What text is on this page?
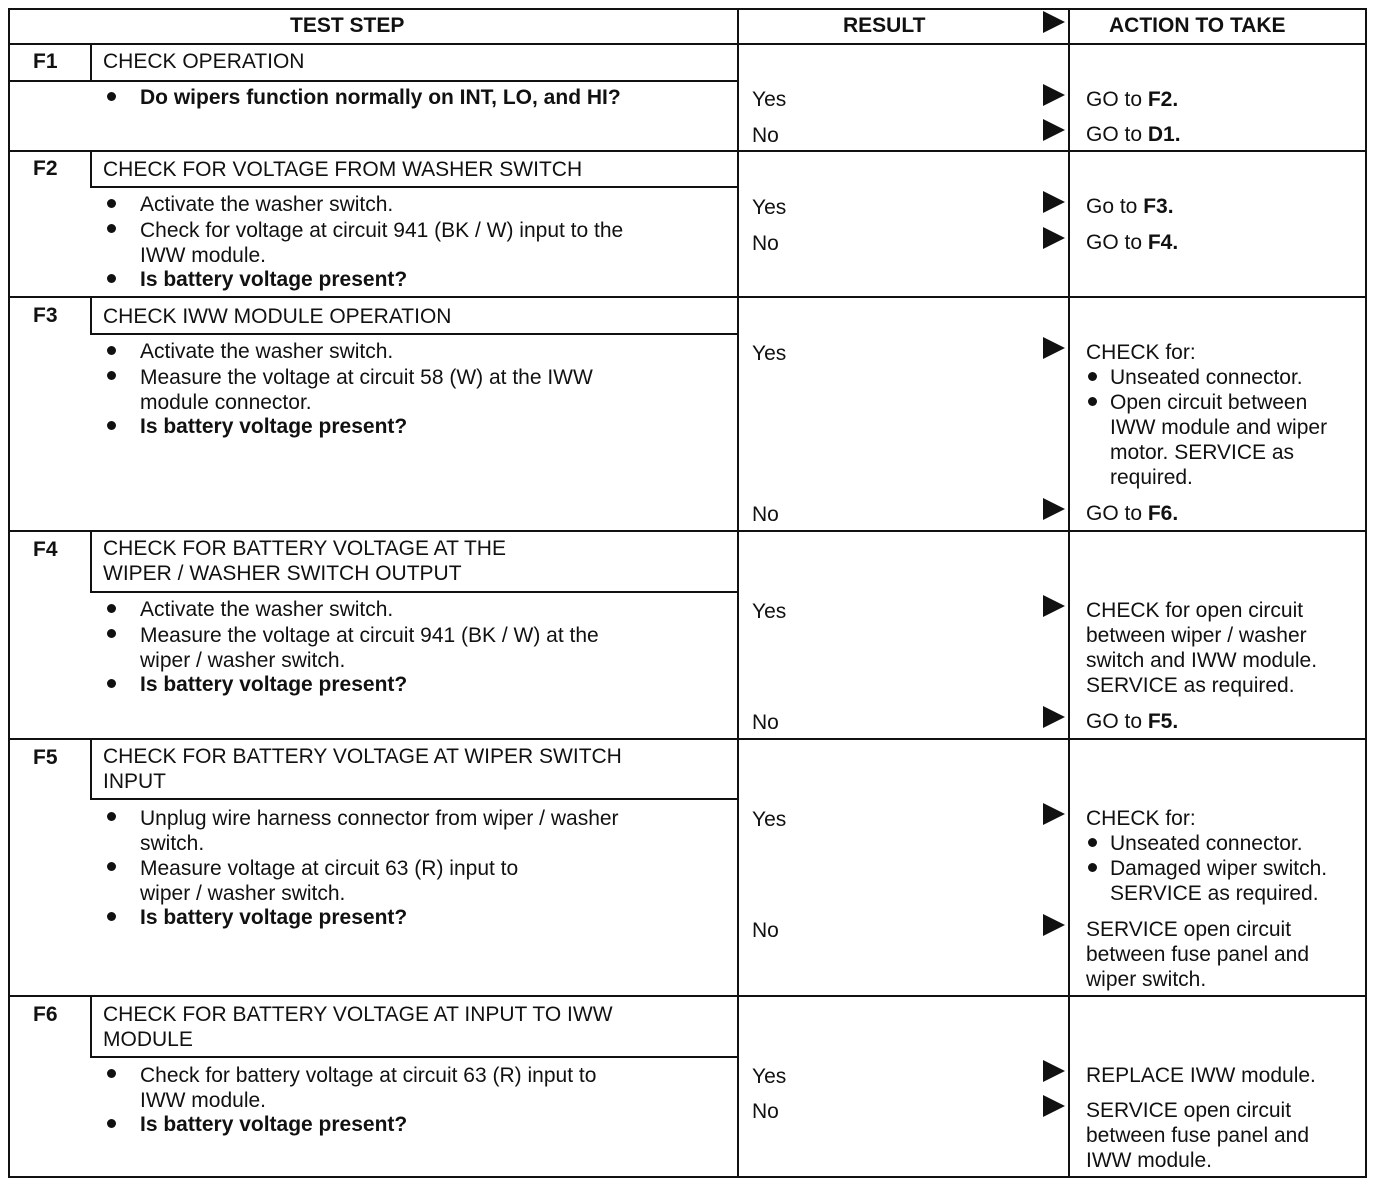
TEST STEP	RESULT	ACTION TO TAKE
F1 CHECK OPERATION
Do wipers function normally on INT, LO, and HI?	Yes	GO to F2.
No	GO to D1.
F2 CHECK FOR VOLTAGE FROM WASHER SWITCH
Activate the washer switch.
Check for voltage at circuit 941 (BK / W) input to the
IWW module.
Is battery voltage present?
Yes	Go to F3.
No	GO to F4.
F3 CHECK IWW MODULE OPERATION
Activate the washer switch.
Measure the voltage at circuit 58 (W) at the IWW
module connector.
Is battery voltage present?
Yes	CHECK for:
Unseated connector.
Open circuit between
IWW module and wiper
motor. SERVICE as
required.
No	GO to F6.
F4 CHECK FOR BATTERY VOLTAGE AT THE
WIPER / WASHER SWITCH OUTPUT
Activate the washer switch.
Measure the voltage at circuit 941 (BK / W) at the
wiper / washer switch.
Is battery voltage present?
Yes	CHECK for open circuit
between wiper / washer
switch and IWW module.
SERVICE as required.
No	GO to F5.
F5 CHECK FOR BATTERY VOLTAGE AT WIPER SWITCH
INPUT
Unplug wire harness connector from wiper / washer
switch.
Measure voltage at circuit 63 (R) input to
wiper / washer switch.
Is battery voltage present?
Yes	CHECK for:
Unseated connector.
Damaged wiper switch.
SERVICE as required.
No	SERVICE open circuit
between fuse panel and
wiper switch.
F6 CHECK FOR BATTERY VOLTAGE AT INPUT TO IWW
MODULE
Check for battery voltage at circuit 63 (R) input to
IWW module.
Is battery voltage present?
Yes	REPLACE IWW module.
No	SERVICE open circuit
between fuse panel and
IWW module.
